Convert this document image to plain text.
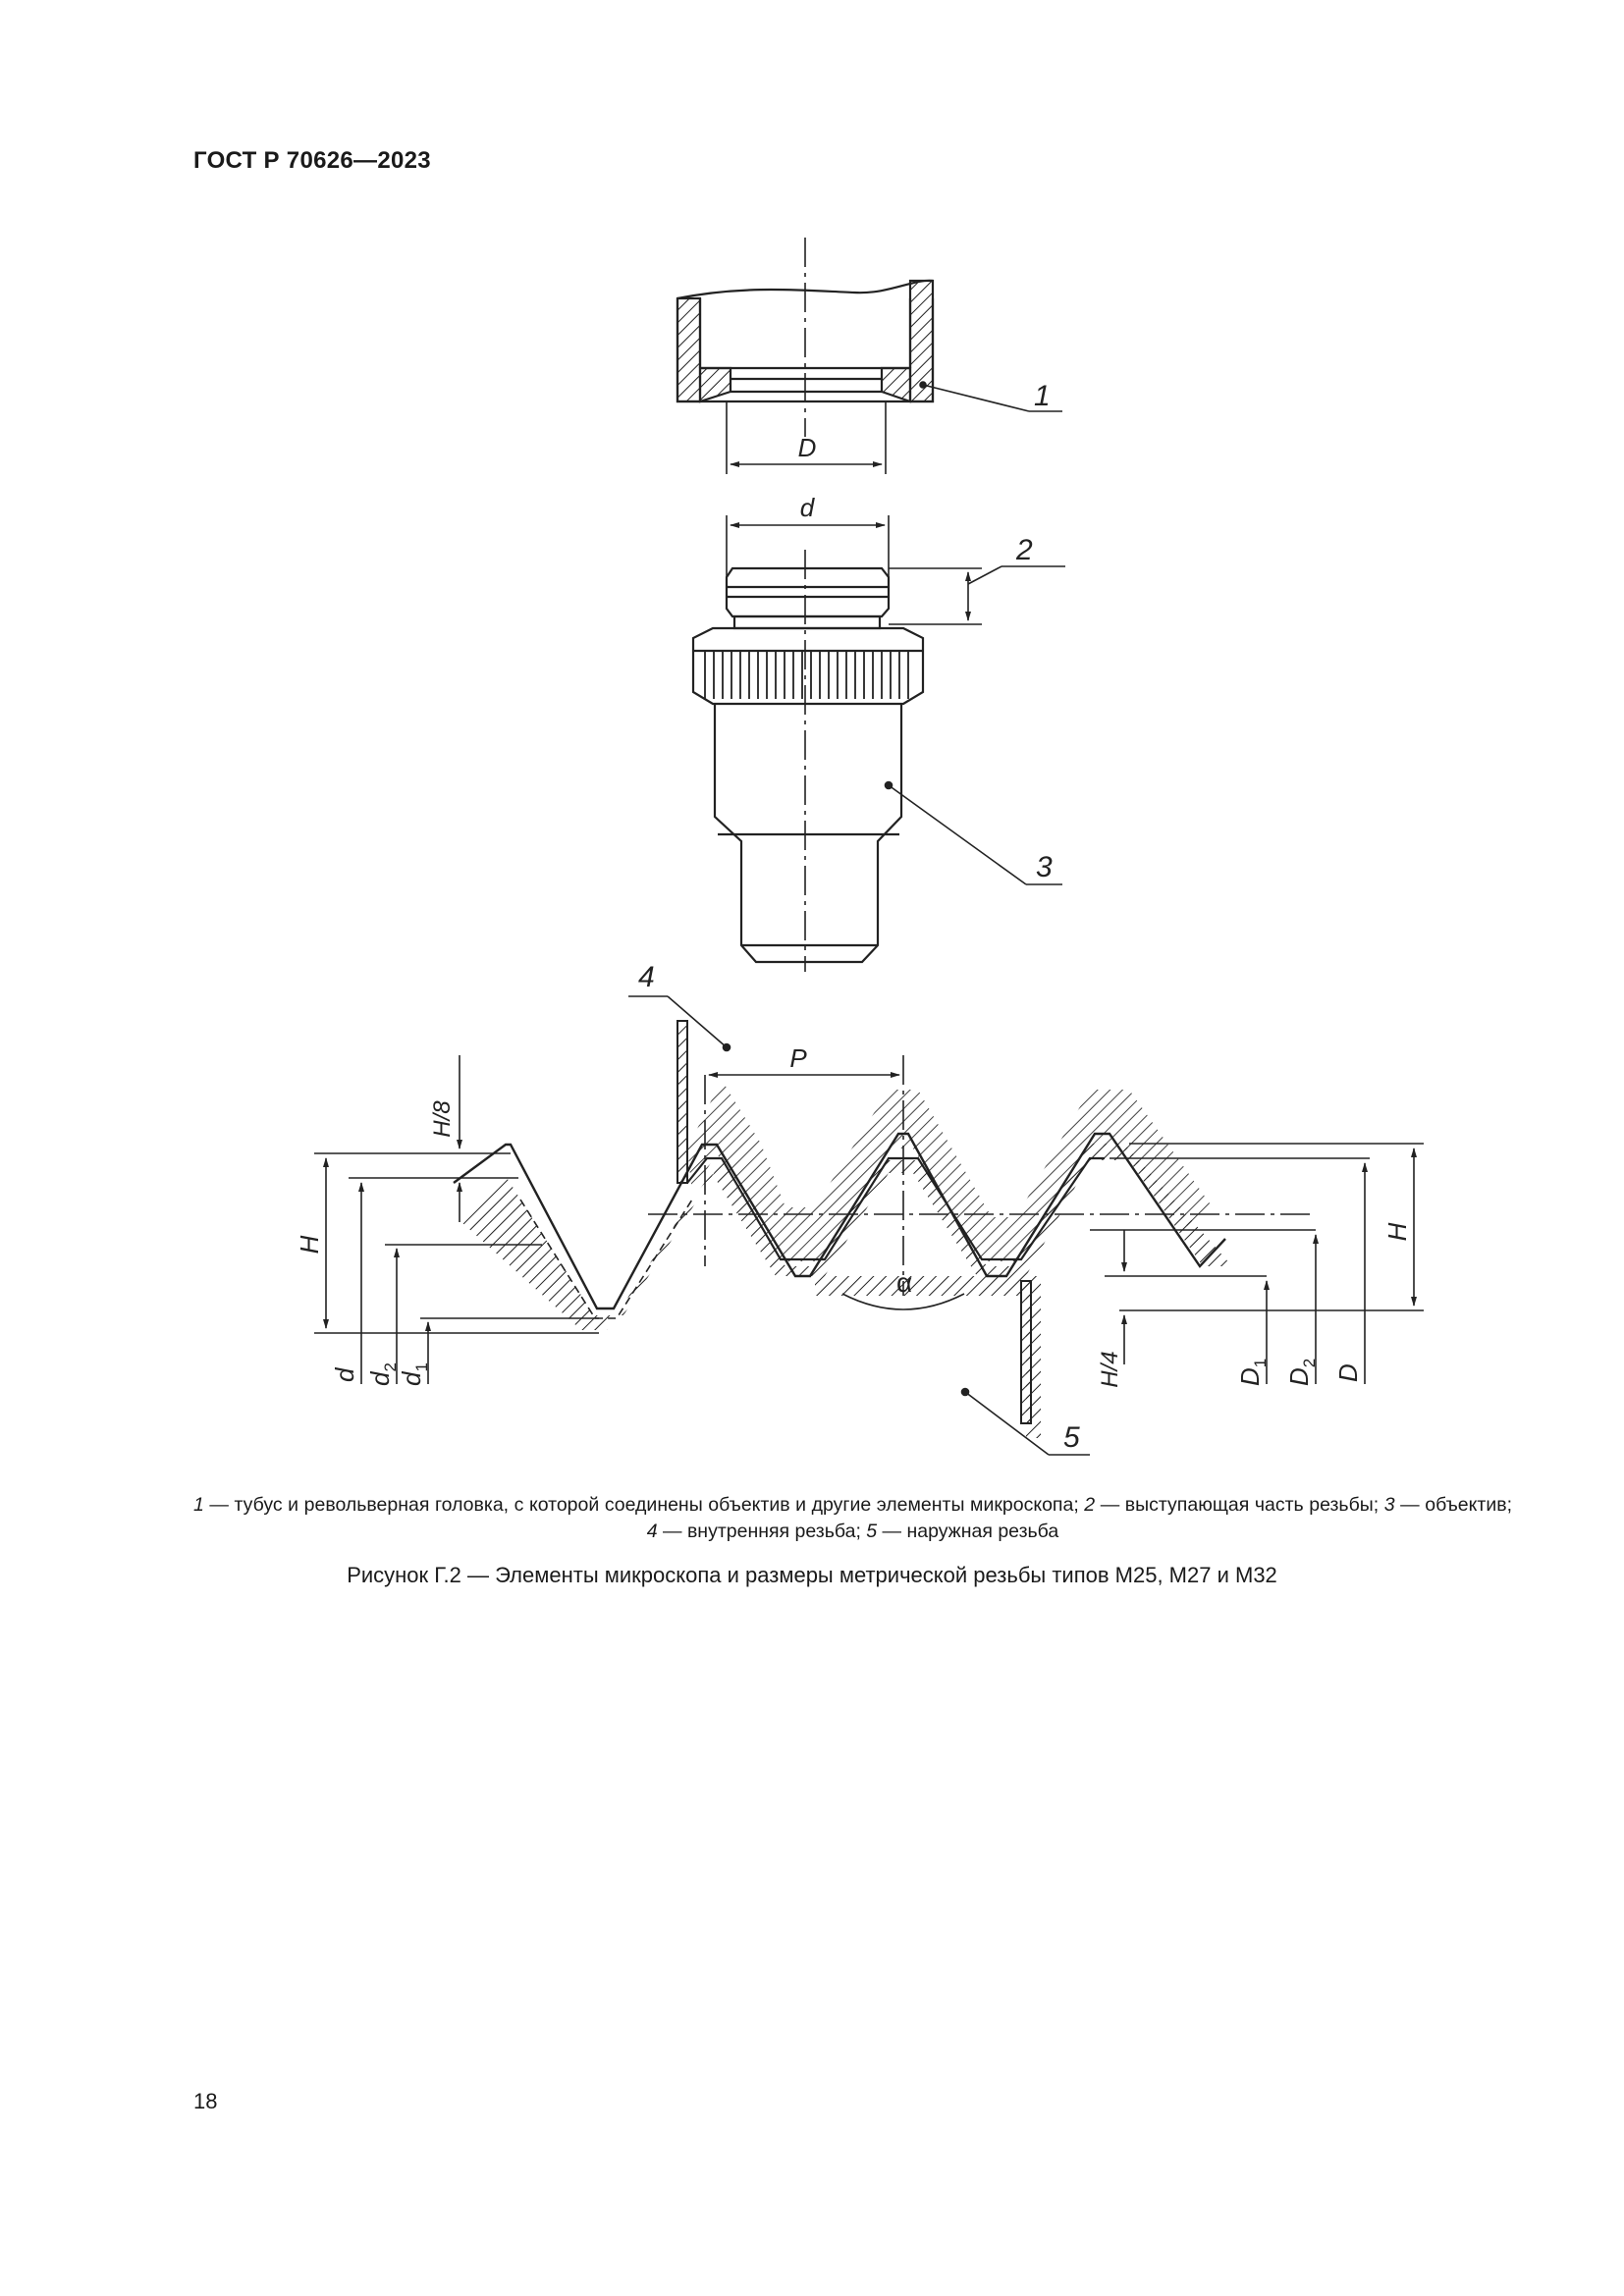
ГОСТ Р 70626—2023
D
1
d
2
3
α
P
4
5
H/8
H
d $d_2$
$d_1$	H/4	$D_1$
$D_2$
D
H
1 — тубус и револьверная головка, с которой соединены объектив и другие элементы микроскопа; 2 — выступающая часть резьбы; 3 — объектив; 4 — внутренняя резьба; 5 — наружная резьба
Рисунок Г.2 — Элементы микроскопа и размеры метрической резьбы типов М25, М27 и М32
18
